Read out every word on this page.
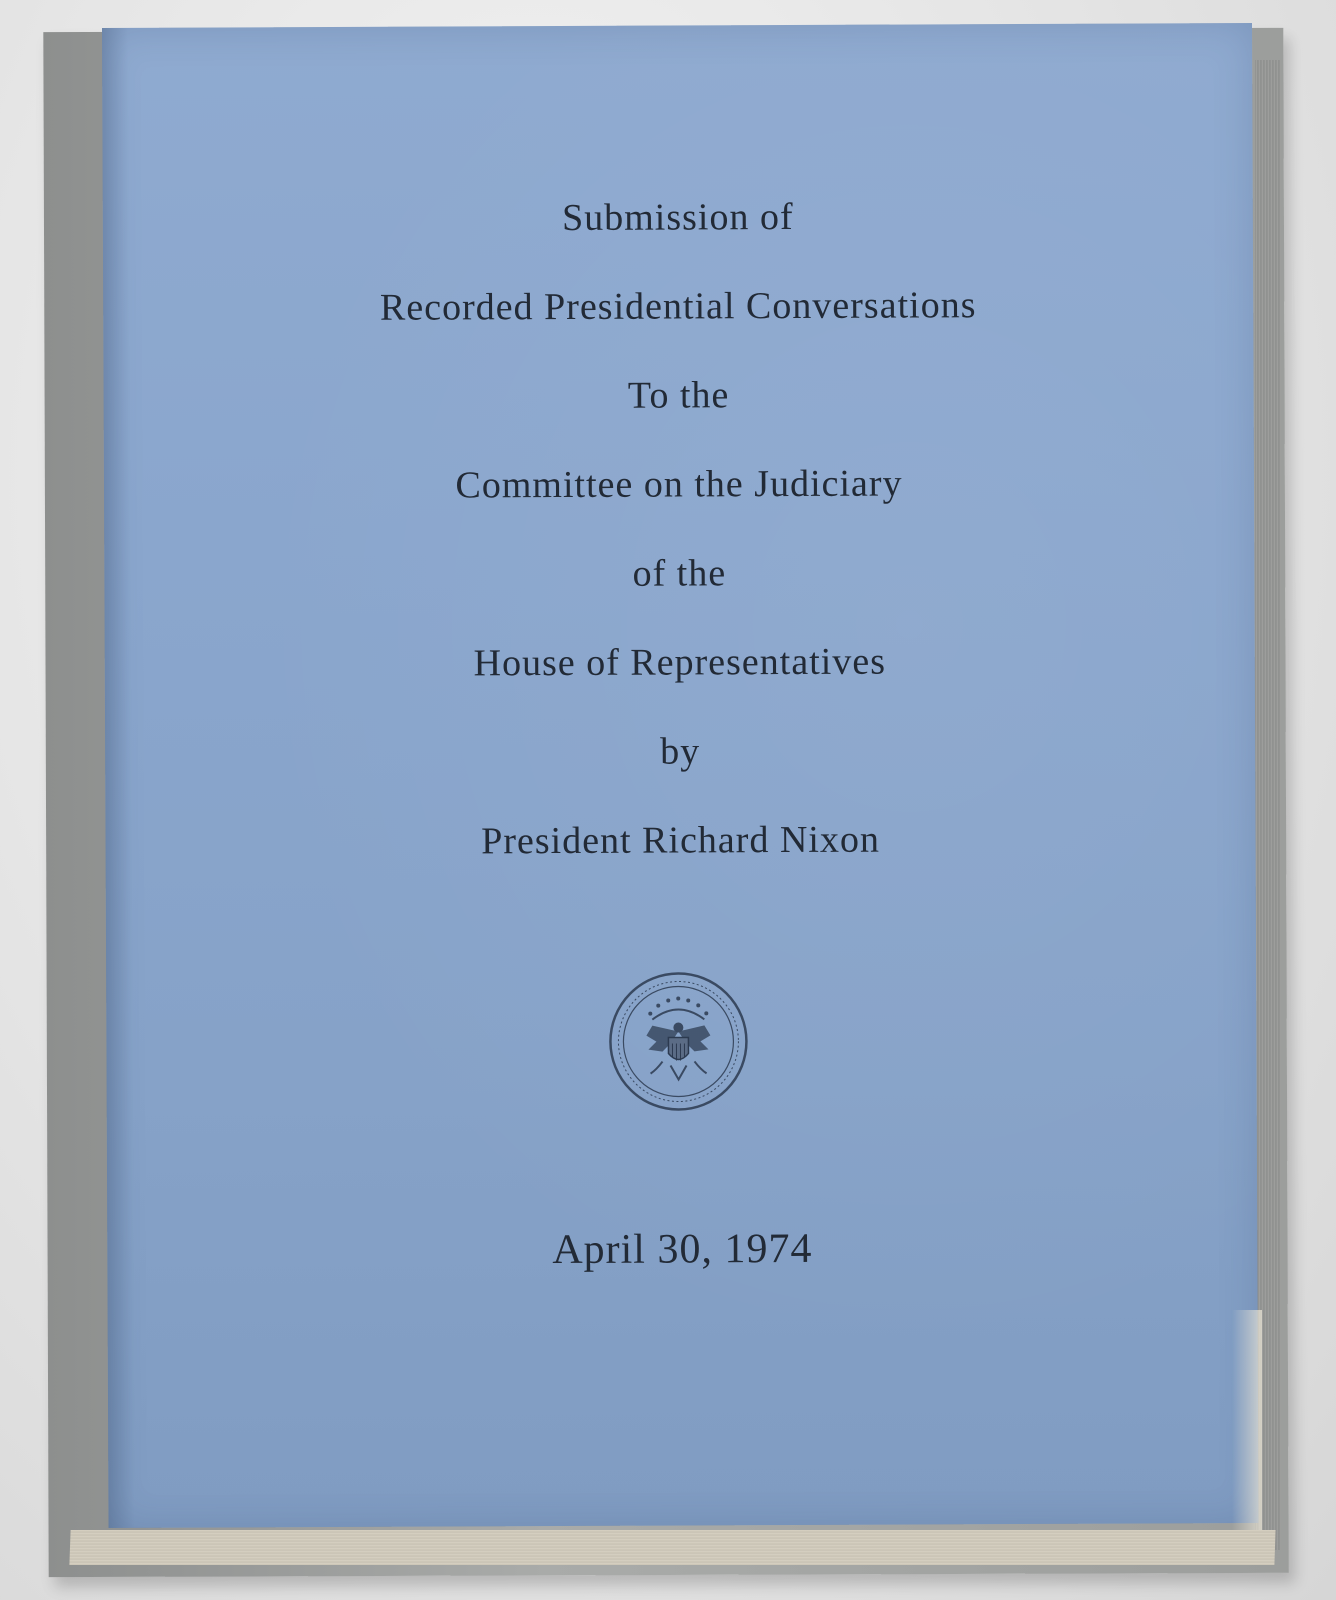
Submission of
Recorded Presidential Conversations
To the
Committee on the Judiciary
of the
House of Representatives
by
President Richard Nixon
April 30, 1974
